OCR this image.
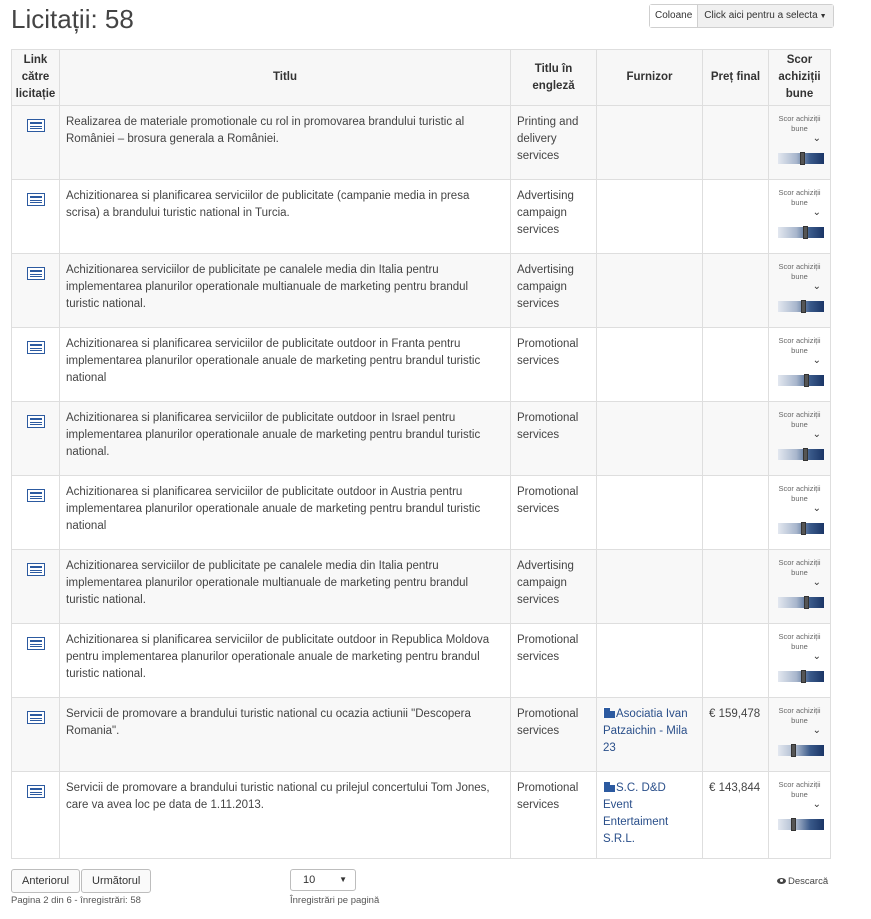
Licitații: 58	Coloane	Click aici pentru a selecta ▼
Link către licitație	Titlu	Titlu în engleză	Furnizor	Preț final	Scor achiziții bune
	Realizarea de materiale promotionale cu rol in promovarea brandului turistic al României – brosura generala a României.	Printing and delivery services			Scor achiziții bune
⌄

	Achizitionarea si planificarea serviciilor de publicitate (campanie media in presa scrisa) a brandului turistic national in Turcia.	Advertising campaign services			Scor achiziții bune
⌄

	Achizitionarea serviciilor de publicitate pe canalele media din Italia pentru implementarea planurilor operationale multianuale de marketing pentru brandul turistic national.	Advertising campaign services			Scor achiziții bune
⌄

	Achizitionarea si planificarea serviciilor de publicitate outdoor in Franta pentru implementarea planurilor operationale anuale de marketing pentru brandul turistic national	Promotional services			Scor achiziții bune
⌄

	Achizitionarea si planificarea serviciilor de publicitate outdoor in Israel pentru implementarea planurilor operationale anuale de marketing pentru brandul turistic national.	Promotional services			Scor achiziții bune
⌄

	Achizitionarea si planificarea serviciilor de publicitate outdoor in Austria pentru implementarea planurilor operationale anuale de marketing pentru brandul turistic national	Promotional services			Scor achiziții bune
⌄

	Achizitionarea serviciilor de publicitate pe canalele media din Italia pentru implementarea planurilor operationale multianuale de marketing pentru brandul turistic national.	Advertising campaign services			Scor achiziții bune
⌄

	Achizitionarea si planificarea serviciilor de publicitate outdoor in Republica Moldova pentru implementarea planurilor operationale anuale de marketing pentru brandul turistic national.	Promotional services			Scor achiziții bune
⌄

	Servicii de promovare a brandului turistic national cu ocazia actiunii "Descopera Romania".	Promotional services	Asociatia Ivan Patzaichin - Mila 23	€ 159,478	Scor achiziții bune
⌄

	Servicii de promovare a brandului turistic national cu prilejul concertului Tom Jones, care va avea loc pe data de 1.11.2013.	Promotional services	S.C. D&D Event Entertaiment S.R.L.	€ 143,844	Scor achiziții bune
⌄
Anteriorul	Următorul
Pagina 2 din 6 - înregistrări: 58
10	▼
Înregistrări pe pagină
Descarcă
